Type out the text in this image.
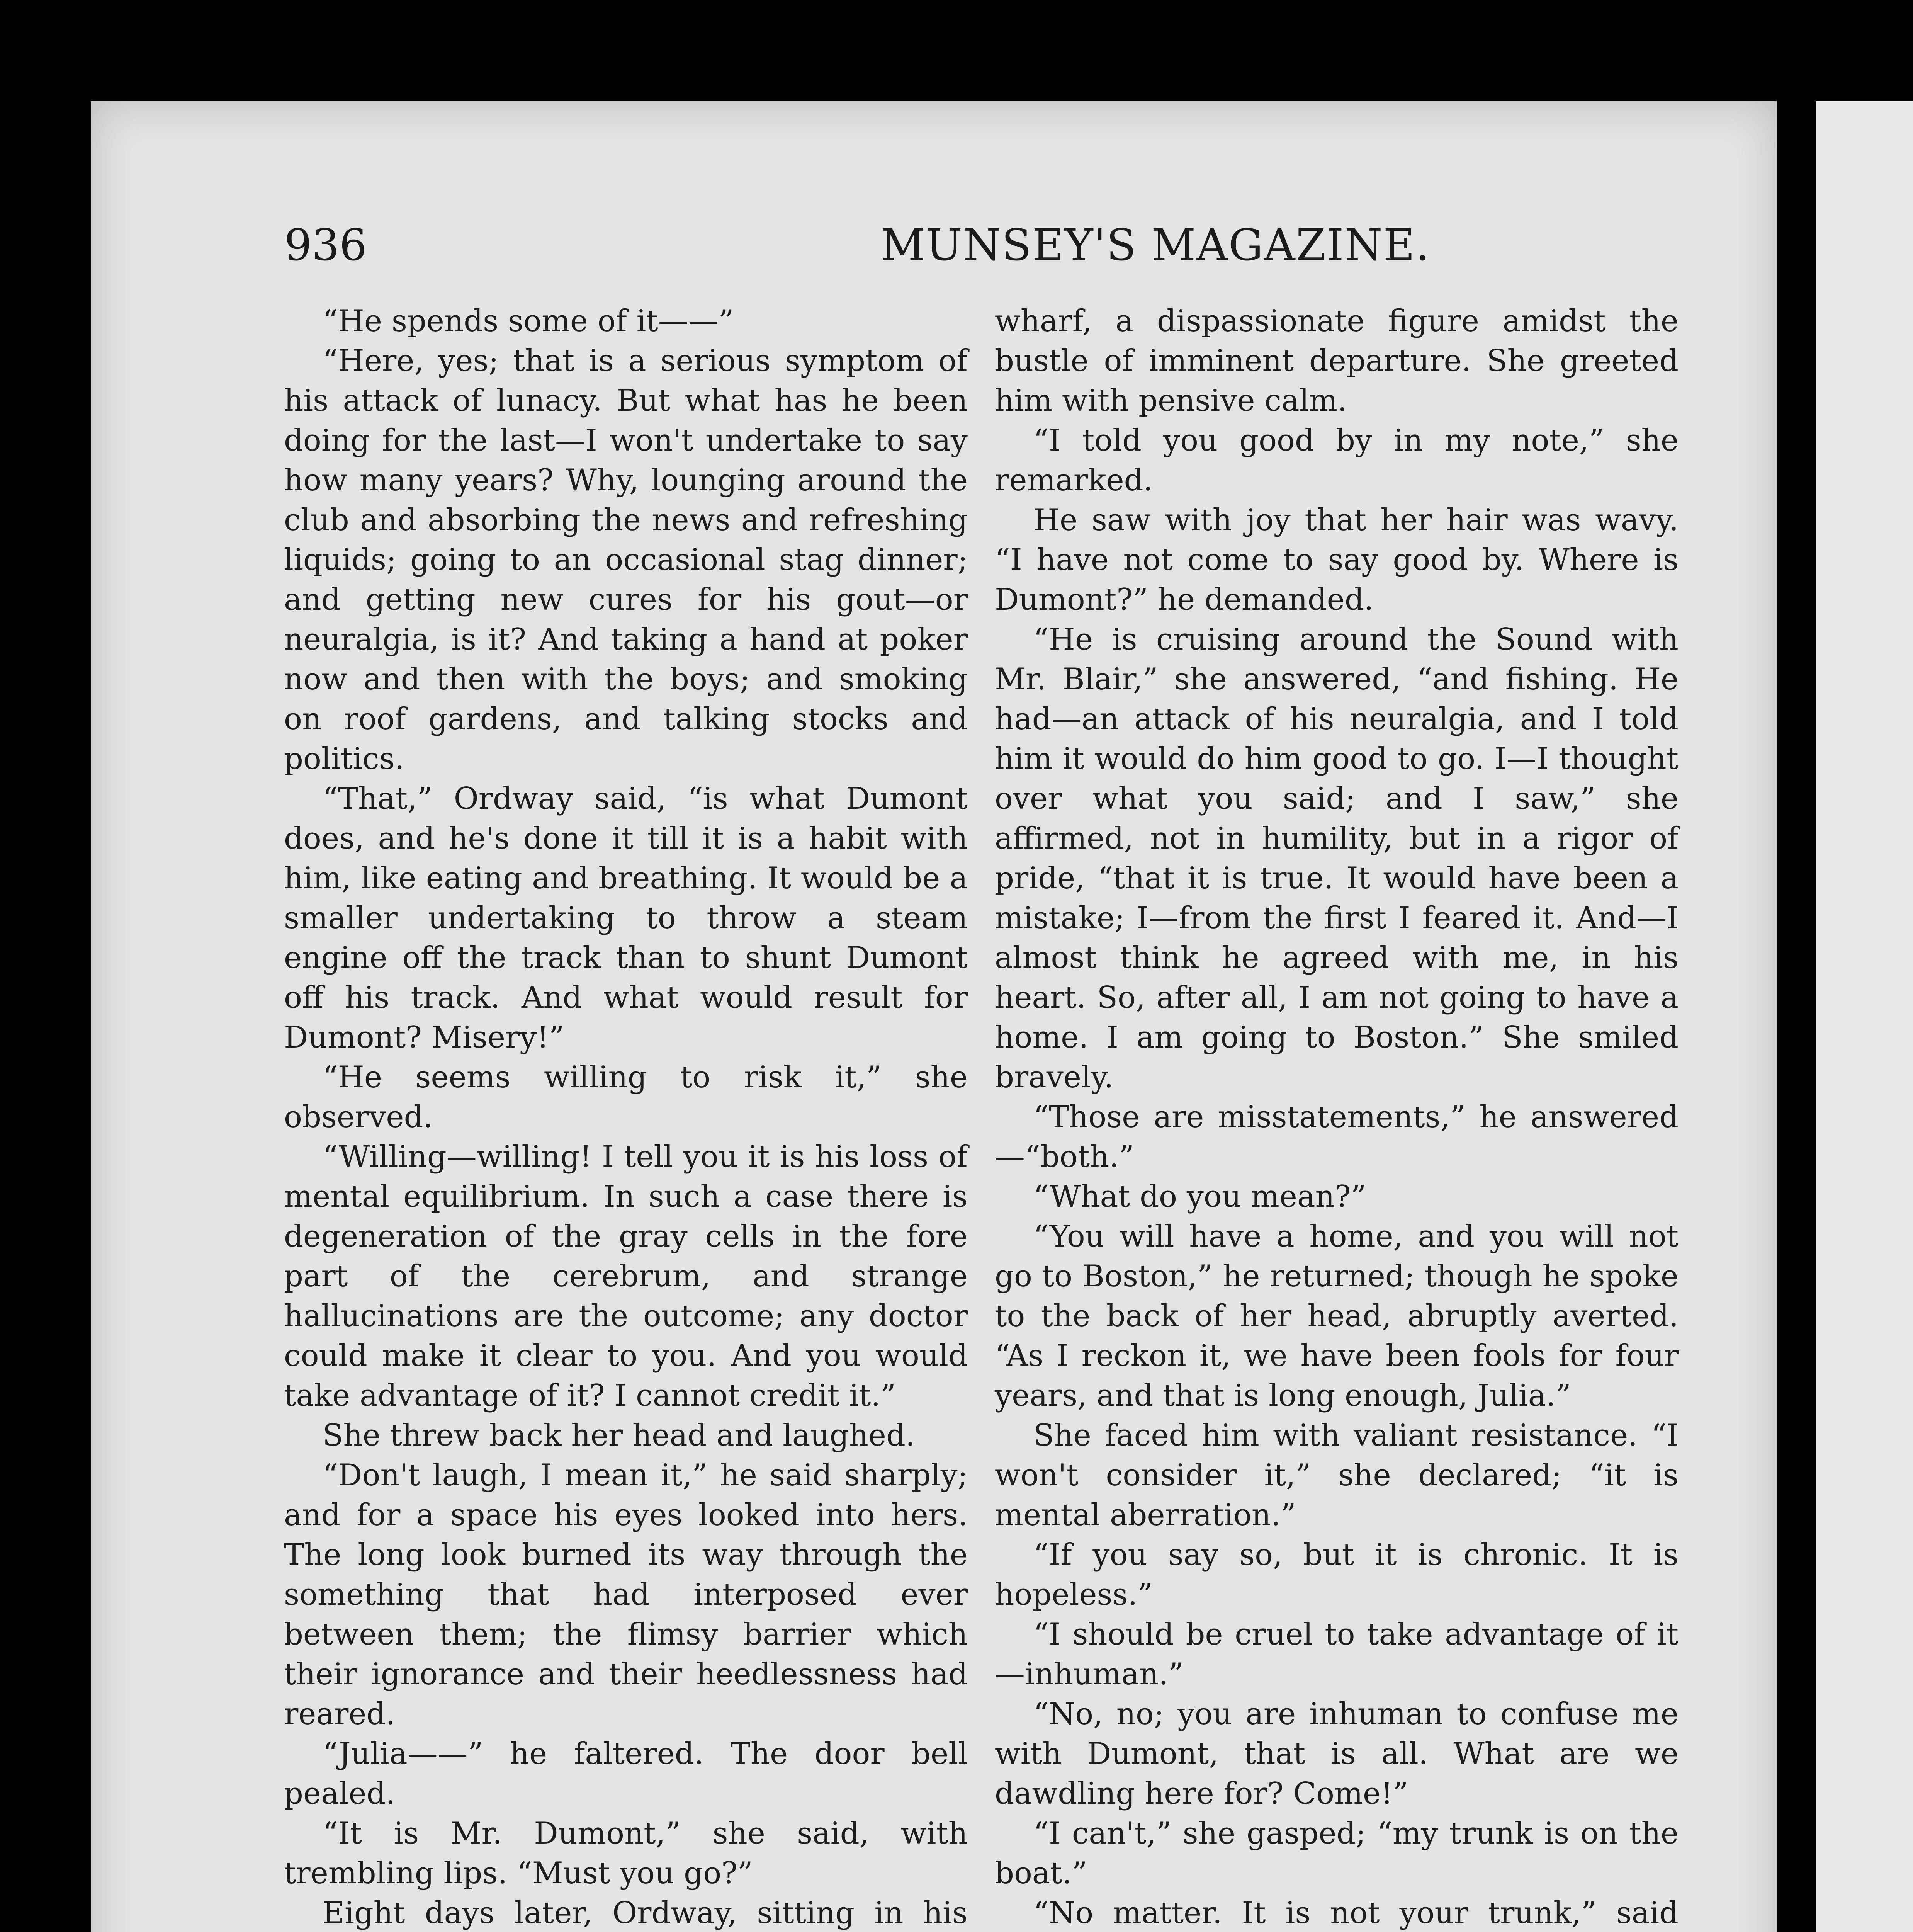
936	MUNSEY'S MAGAZINE.

“He spends some of it——”

“Here, yes; that is a serious symptom of his attack of lunacy. But what has he been doing for the last—I won't undertake to say how many years? Why, lounging around the club and absorbing the news and refreshing liquids; going to an occasional stag dinner; and getting new cures for his gout—or neuralgia, is it? And taking a hand at poker now and then with the boys; and smoking on roof gardens, and talking stocks and politics.

“That,” Ordway said, “is what Dumont does, and he's done it till it is a habit with him, like eating and breathing. It would be a smaller undertaking to throw a steam engine off the track than to shunt Dumont off his track. And what would result for Dumont? Misery!”

“He seems willing to risk it,” she observed.

“Willing—willing! I tell you it is his loss of mental equilibrium. In such a case there is degeneration of the gray cells in the fore part of the cerebrum, and strange hallucinations are the outcome; any doctor could make it clear to you. And you would take advantage of it? I cannot credit it.”

She threw back her head and laughed.

“Don't laugh, I mean it,” he said sharply; and for a space his eyes looked into hers. The long look burned its way through the something that had interposed ever between them; the flimsy barrier which their ignorance and their heedlessness had reared.

“Julia——” he faltered. The door bell pealed.

“It is Mr. Dumont,” she said, with trembling lips. “Must you go?”

Eight days later, Ordway, sitting in his

wharf, a dispassionate figure amidst the bustle of imminent departure. She greeted him with pensive calm.

“I told you good by in my note,” she remarked.

He saw with joy that her hair was wavy. “I have not come to say good by. Where is Dumont?” he demanded.

“He is cruising around the Sound with Mr. Blair,” she answered, “and fishing. He had—an attack of his neuralgia, and I told him it would do him good to go. I—I thought over what you said; and I saw,” she affirmed, not in humility, but in a rigor of pride, “that it is true. It would have been a mistake; I—from the first I feared it. And—I almost think he agreed with me, in his heart. So, after all, I am not going to have a home. I am going to Boston.” She smiled bravely.

“Those are misstatements,” he answered—“both.”

“What do you mean?”

“You will have a home, and you will not go to Boston,” he returned; though he spoke to the back of her head, abruptly averted. “As I reckon it, we have been fools for four years, and that is long enough, Julia.”

She faced him with valiant resistance. “I won't consider it,” she declared; “it is mental aberration.”

“If you say so, but it is chronic. It is hopeless.”

“I should be cruel to take advantage of it—inhuman.”

“No, no; you are inhuman to confuse me with Dumont, that is all. What are we dawdling here for? Come!”

“I can't,” she gasped; “my trunk is on the boat.”

“No matter. It is not your trunk,” said
